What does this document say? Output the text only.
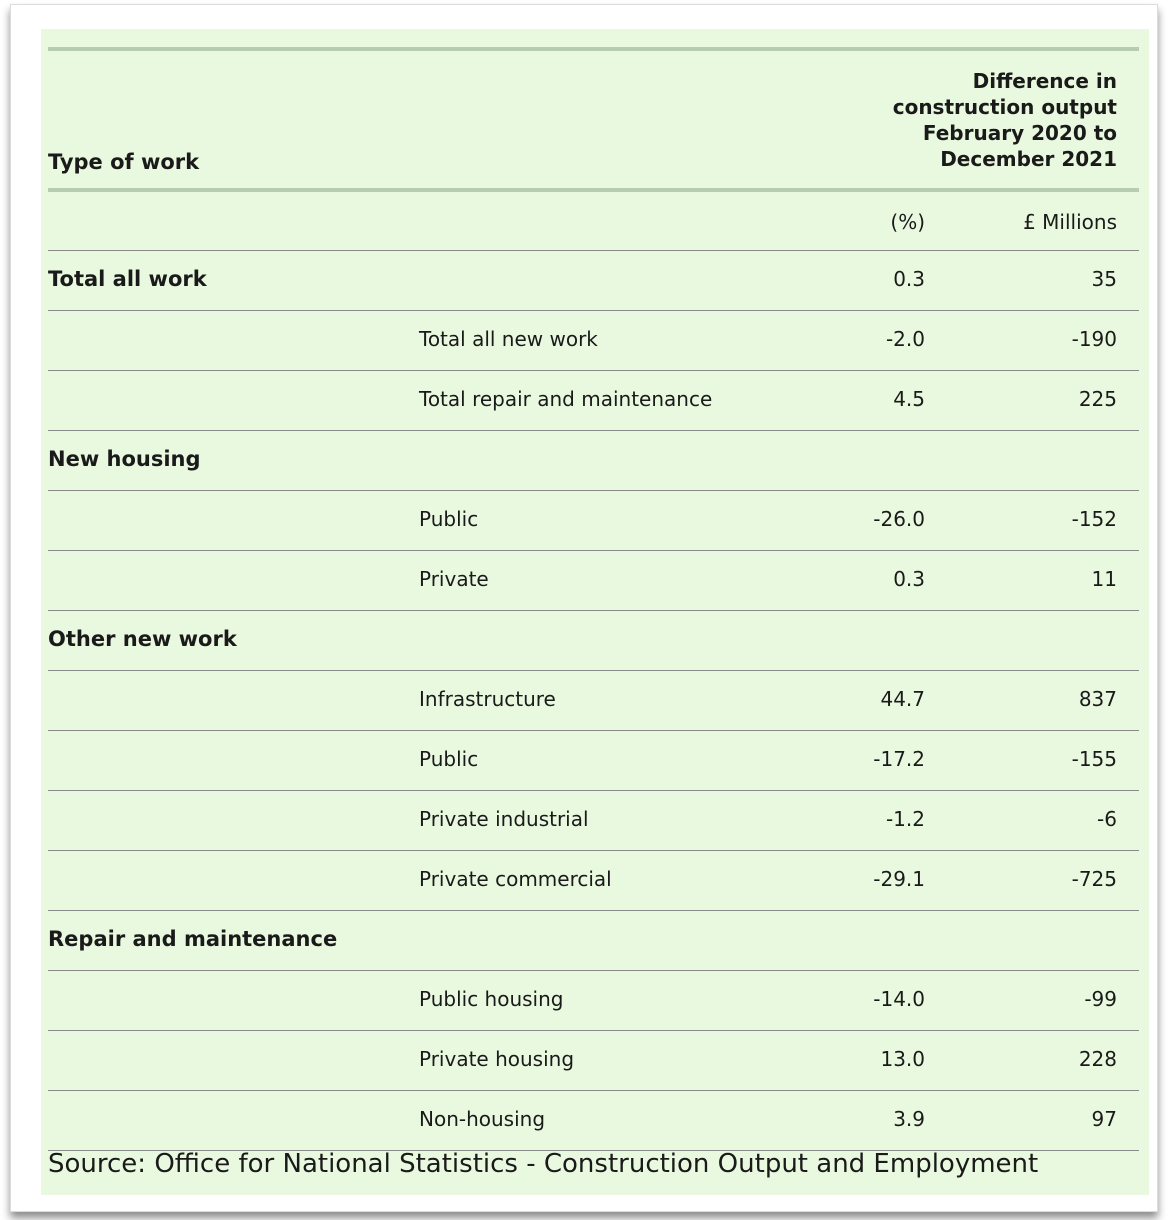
Type of work
Difference in
construction output
February 2020 to
December 2021
(%)	£ Millions
Total all work	0.3	35
Total all new work	-2.0	-190
Total repair and maintenance	4.5	225
New housing
Public	-26.0	-152
Private	0.3	11
Other new work
Infrastructure	44.7	837
Public	-17.2	-155
Private industrial	-1.2	-6
Private commercial	-29.1	-725
Repair and maintenance
Public housing	-14.0	-99
Private housing	13.0	228
Non-housing	3.9	97
Source: Office for National Statistics - Construction Output and Employment
